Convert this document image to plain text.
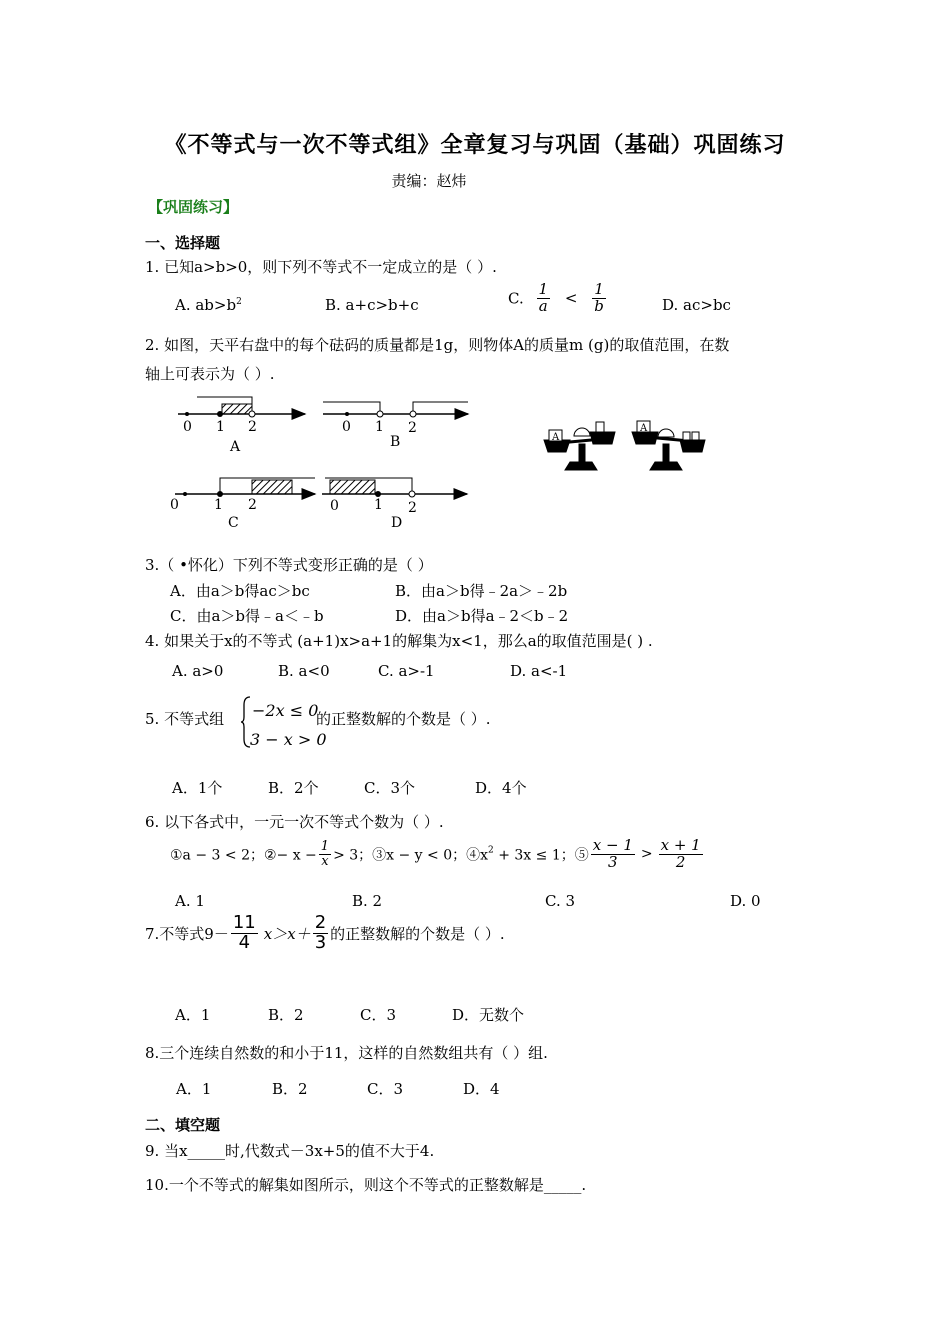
《不等式与一次不等式组》全章复习与巩固（基础）巩固练习
责编：赵炜
【巩固练习】
一、选择题
1. 已知a>b>0，则下列不等式不一定成立的是（ ）.
A. $ab>b^2$	B. a+c>b+c	C. $\frac{1}{a} < \frac{1}{b}$	D. ac>bc
2. 如图，天平右盘中的每个砝码的质量都是1g，则物体A的质量m (g)的取值范围，在数
轴上可表示为（ ）.
0 1 2
A
0 1 2
B
0	1 2
C
0	1 2
D
A
A
3.（ •怀化）下列不等式变形正确的是（ ）
A．由a＞b得ac＞bc	B．由a＞b得﹣2a＞﹣2b
C．由a＞b得﹣a＜﹣b	D．由a＞b得a﹣2＜b﹣2
4. 如果关于x的不等式 (a+1)x>a+1的解集为x<1，那么a的取值范围是( ) .
A. a>0	B. a<0	C. a>-1	D. a<-1
5. 不等式组 −2x ≤ 0
3 − x > 0
的正整数解的个数是（ ）.
A．1个	B．2个	C．3个	D．4个
6. 以下各式中，一元一次不等式个数为（ ）.
①a − 3 < 2；②− $x - \frac{1}{x} > 3$；③x − y < 0；$④x^2 + 3x \le 1$；⑤ $\frac{x - 1}{3} > \frac{x + 1}{2}$
A. 1	B. 2	C. 3	D. 0
7.不等式$9- \frac{11}{4} x>x+ \frac{2}{3}$ 的正整数解的个数是（ ）.
A．1	B．2	C．3	D．无数个
8.三个连续自然数的和小于11，这样的自然数组共有（ ）组.
A．1	B．2	C．3	D．4
二、填空题
9. 当x_____时,代数式－3x+5的值不大于4.
10.一个不等式的解集如图所示，则这个不等式的正整数解是_____.
